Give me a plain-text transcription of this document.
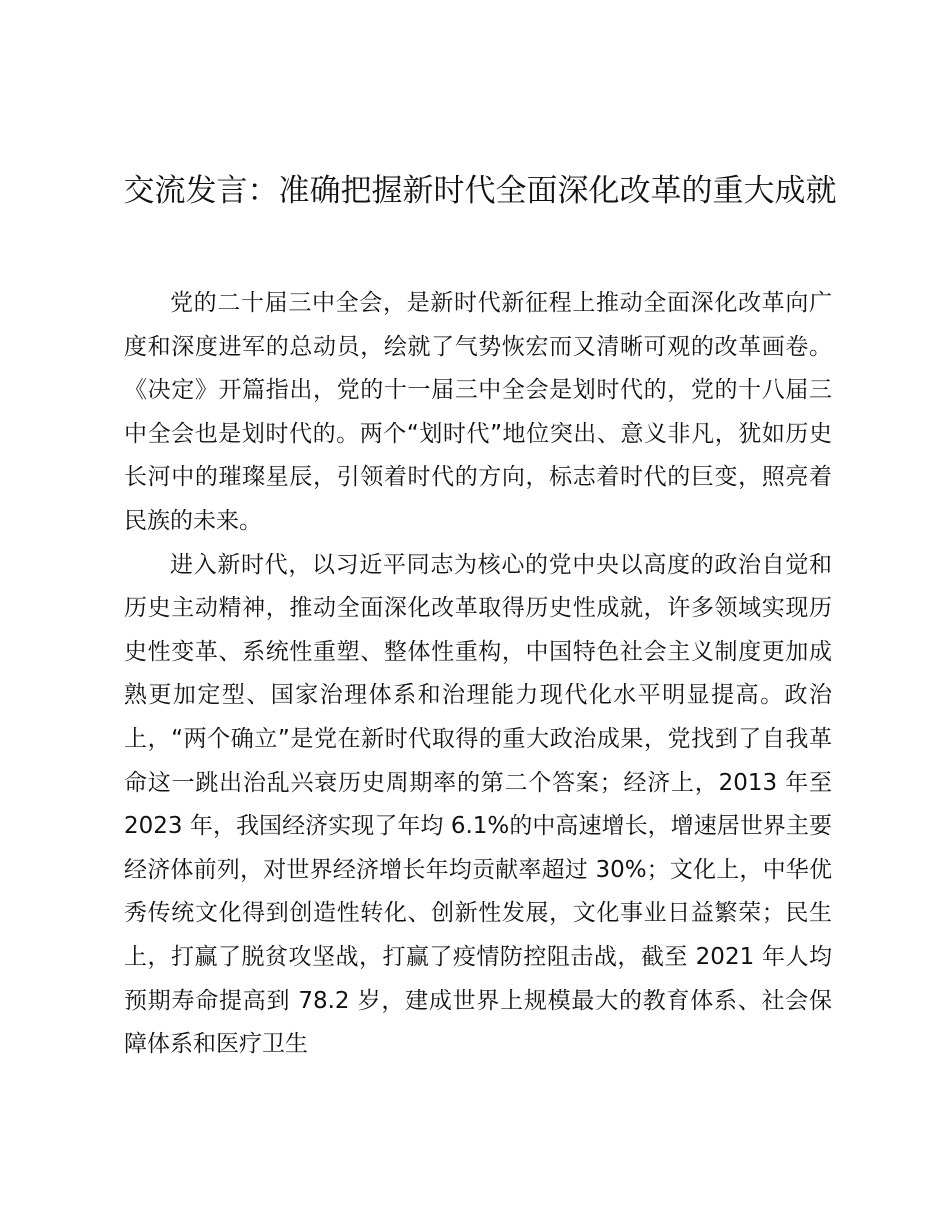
交流发言：准确把握新时代全面深化改革的重大成就

党的二十届三中全会，是新时代新征程上推动全面深化改革向广度和深度进军的总动员，绘就了气势恢宏而又清晰可观的改革画卷。《决定》开篇指出，党的十一届三中全会是划时代的，党的十八届三中全会也是划时代的。两个“划时代”地位突出、意义非凡，犹如历史长河中的璀璨星辰，引领着时代的方向，标志着时代的巨变，照亮着民族的未来。

进入新时代，以习近平同志为核心的党中央以高度的政治自觉和历史主动精神，推动全面深化改革取得历史性成就，许多领域实现历史性变革、系统性重塑、整体性重构，中国特色社会主义制度更加成熟更加定型、国家治理体系和治理能力现代化水平明显提高。政治上，“两个确立”是党在新时代取得的重大政治成果，党找到了自我革命这一跳出治乱兴衰历史周期率的第二个答案；经济上，2013 年至 2023 年，我国经济实现了年均 6.1%的中高速增长，增速居世界主要经济体前列，对世界经济增长年均贡献率超过 30%；文化上，中华优秀传统文化得到创造性转化、创新性发展，文化事业日益繁荣；民生上，打赢了脱贫攻坚战，打赢了疫情防控阻击战，截至 2021 年人均预期寿命提高到 78.2 岁，建成世界上规模最大的教育体系、社会保障体系和医疗卫生
